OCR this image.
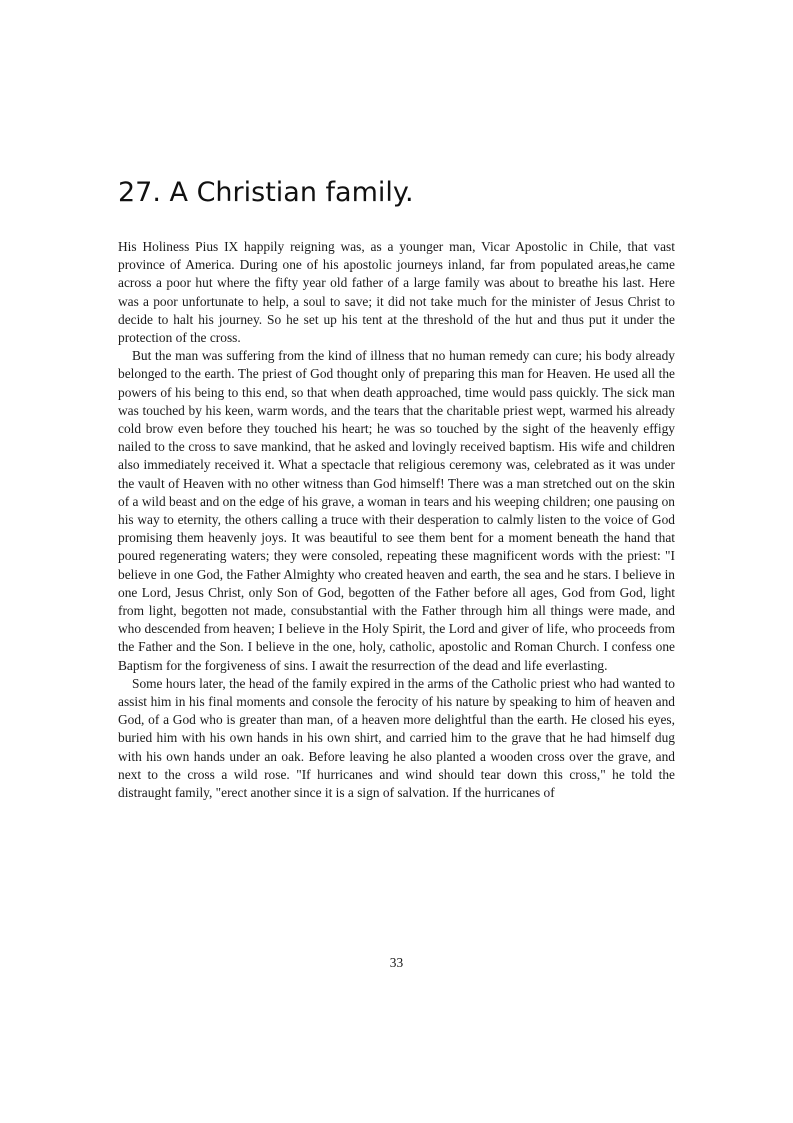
27. A Christian family.

His Holiness Pius IX happily reigning was, as a younger man, Vicar Apostolic in Chile, that vast province of America. During one of his apostolic journeys inland, far from populated areas,he came across a poor hut where the fifty year old father of a large family was about to breathe his last. Here was a poor unfortunate to help, a soul to save; it did not take much for the minister of Jesus Christ to decide to halt his journey. So he set up his tent at the threshold of the hut and thus put it under the protection of the cross.

But the man was suffering from the kind of illness that no human remedy can cure; his body already belonged to the earth. The priest of God thought only of preparing this man for Heaven. He used all the powers of his being to this end, so that when death approached, time would pass quickly. The sick man was touched by his keen, warm words, and the tears that the charitable priest wept, warmed his already cold brow even before they touched his heart; he was so touched by the sight of the heavenly effigy nailed to the cross to save mankind, that he asked and lovingly received baptism. His wife and children also immediately received it. What a spectacle that religious ceremony was, celebrated as it was under the vault of Heaven with no other witness than God himself! There was a man stretched out on the skin of a wild beast and on the edge of his grave, a woman in tears and his weeping children; one pausing on his way to eternity, the others calling a truce with their desperation to calmly listen to the voice of God promising them heavenly joys. It was beautiful to see them bent for a moment beneath the hand that poured regenerating waters; they were consoled, repeating these magnificent words with the priest: "I believe in one God, the Father Almighty who created heaven and earth, the sea and he stars. I believe in one Lord, Jesus Christ, only Son of God, begotten of the Father before all ages, God from God, light from light, begotten not made, consubstantial with the Father through him all things were made, and who descended from heaven; I believe in the Holy Spirit, the Lord and giver of life, who proceeds from the Father and the Son. I believe in the one, holy, catholic, apostolic and Roman Church. I confess one Baptism for the forgiveness of sins. I await the resurrection of the dead and life everlasting.

Some hours later, the head of the family expired in the arms of the Catholic priest who had wanted to assist him in his final moments and console the ferocity of his nature by speaking to him of heaven and God, of a God who is greater than man, of a heaven more delightful than the earth. He closed his eyes, buried him with his own hands in his own shirt, and carried him to the grave that he had himself dug with his own hands under an oak. Before leaving he also planted a wooden cross over the grave, and next to the cross a wild rose. "If hurricanes and wind should tear down this cross," he told the distraught family, "erect another since it is a sign of salvation. If the hurricanes of

33
